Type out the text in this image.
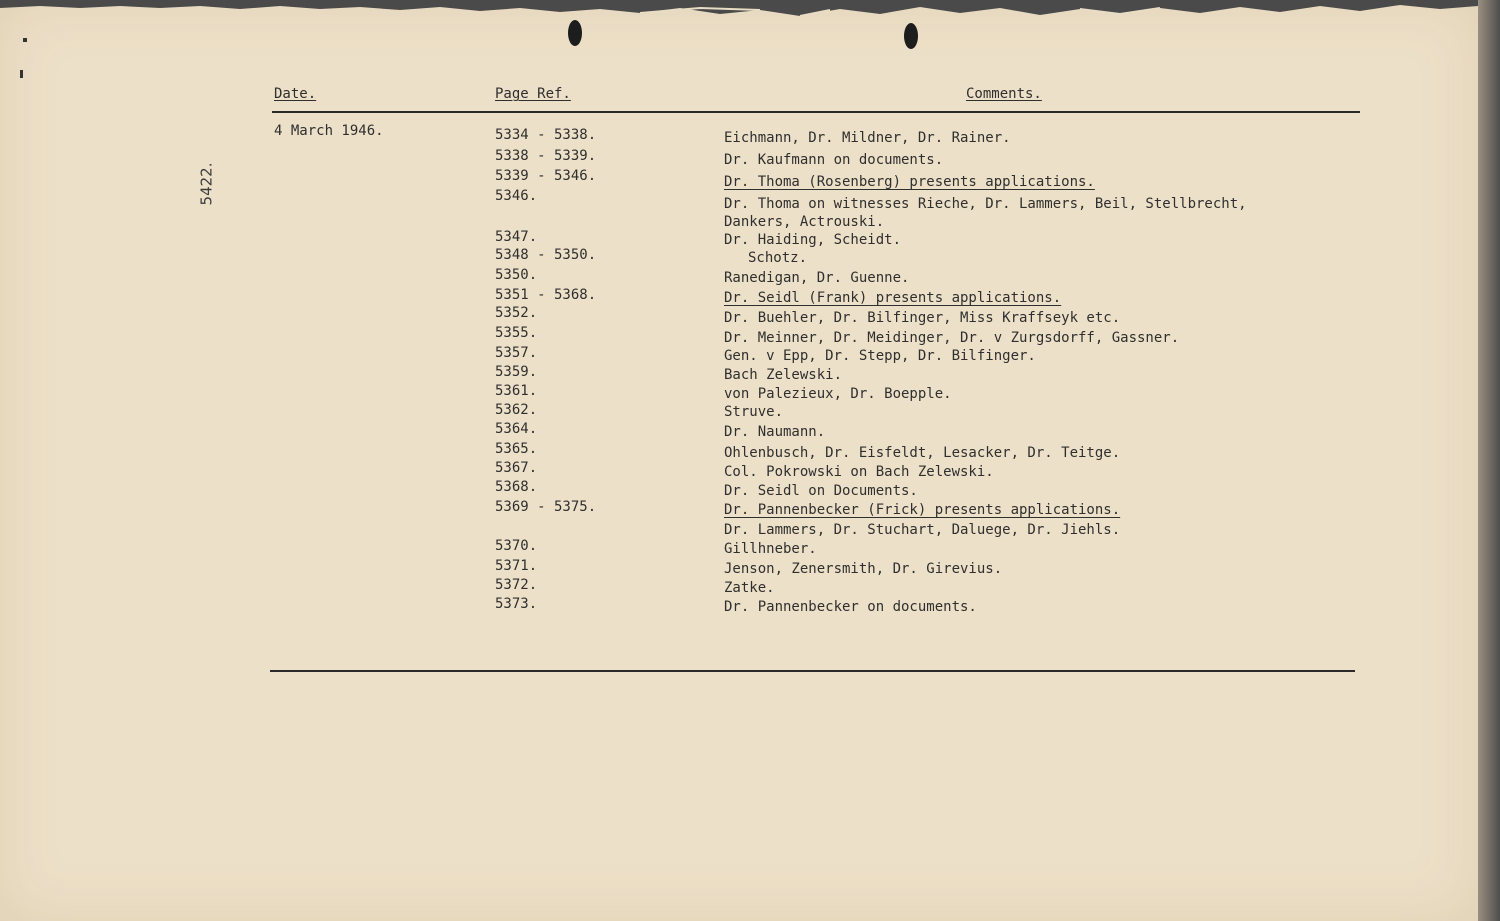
5422.
Date.	Page Ref.	Comments.
4 March 1946.	5334 - 5338.	Eichmann, Dr. Mildner, Dr. Rainer.
5338 - 5339.	Dr. Kaufmann on documents.
5339 - 5346.	Dr. Thoma (Rosenberg) presents applications.
5346.	Dr. Thoma on witnesses Rieche, Dr. Lammers, Beil, Stellbrecht,
Dankers, Actrouski.
5347.	Dr. Haiding, Scheidt.
5348 - 5350.	Schotz.
5350.	Ranedigan, Dr. Guenne.
5351 - 5368.	Dr. Seidl (Frank) presents applications.
5352.	Dr. Buehler, Dr. Bilfinger, Miss Kraffseyk etc.
5355.	Dr. Meinner, Dr. Meidinger, Dr. v Zurgsdorff, Gassner.
5357.	Gen. v Epp, Dr. Stepp, Dr. Bilfinger.
5359.	Bach Zelewski.
5361.	von Palezieux, Dr. Boepple.
5362.	Struve.
5364.	Dr. Naumann.
5365.	Ohlenbusch, Dr. Eisfeldt, Lesacker, Dr. Teitge.
5367.	Col. Pokrowski on Bach Zelewski.
5368.	Dr. Seidl on Documents.
5369 - 5375.	Dr. Pannenbecker (Frick) presents applications.
Dr. Lammers, Dr. Stuchart, Daluege, Dr. Jiehls.
5370.	Gillhneber.
5371.	Jenson, Zenersmith, Dr. Girevius.
5372.	Zatke.
5373.	Dr. Pannenbecker on documents.
